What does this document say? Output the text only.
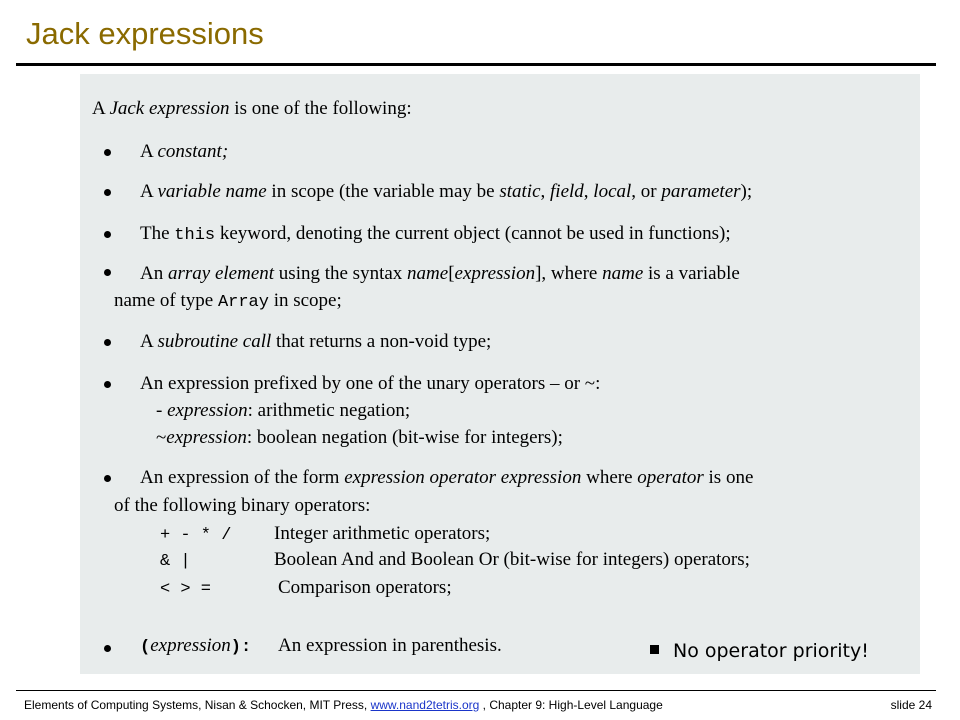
Jack expressions
A Jack expression is one of the following:
A constant;
A variable name in scope (the variable may be static, field, local, or parameter);
The this keyword, denoting the current object (cannot be used in functions);
An array element using the syntax name[expression], where name is a variable
name of type Array in scope;
A subroutine call that returns a non-void type;
An expression prefixed by one of the unary operators – or ~:
- expression: arithmetic negation;
~expression: boolean negation (bit-wise for integers);
An expression of the form expression operator expression where operator is one
of the following binary operators:
+ - * / Integer arithmetic operators;
& |	Boolean And and Boolean Or (bit-wise for integers) operators;
< > =	Comparison operators;
(expression): An expression in parenthesis.	No operator priority!
Elements of Computing Systems, Nisan & Schocken, MIT Press, www.nand2tetris.org , Chapter 9: High-Level Language	slide 24
